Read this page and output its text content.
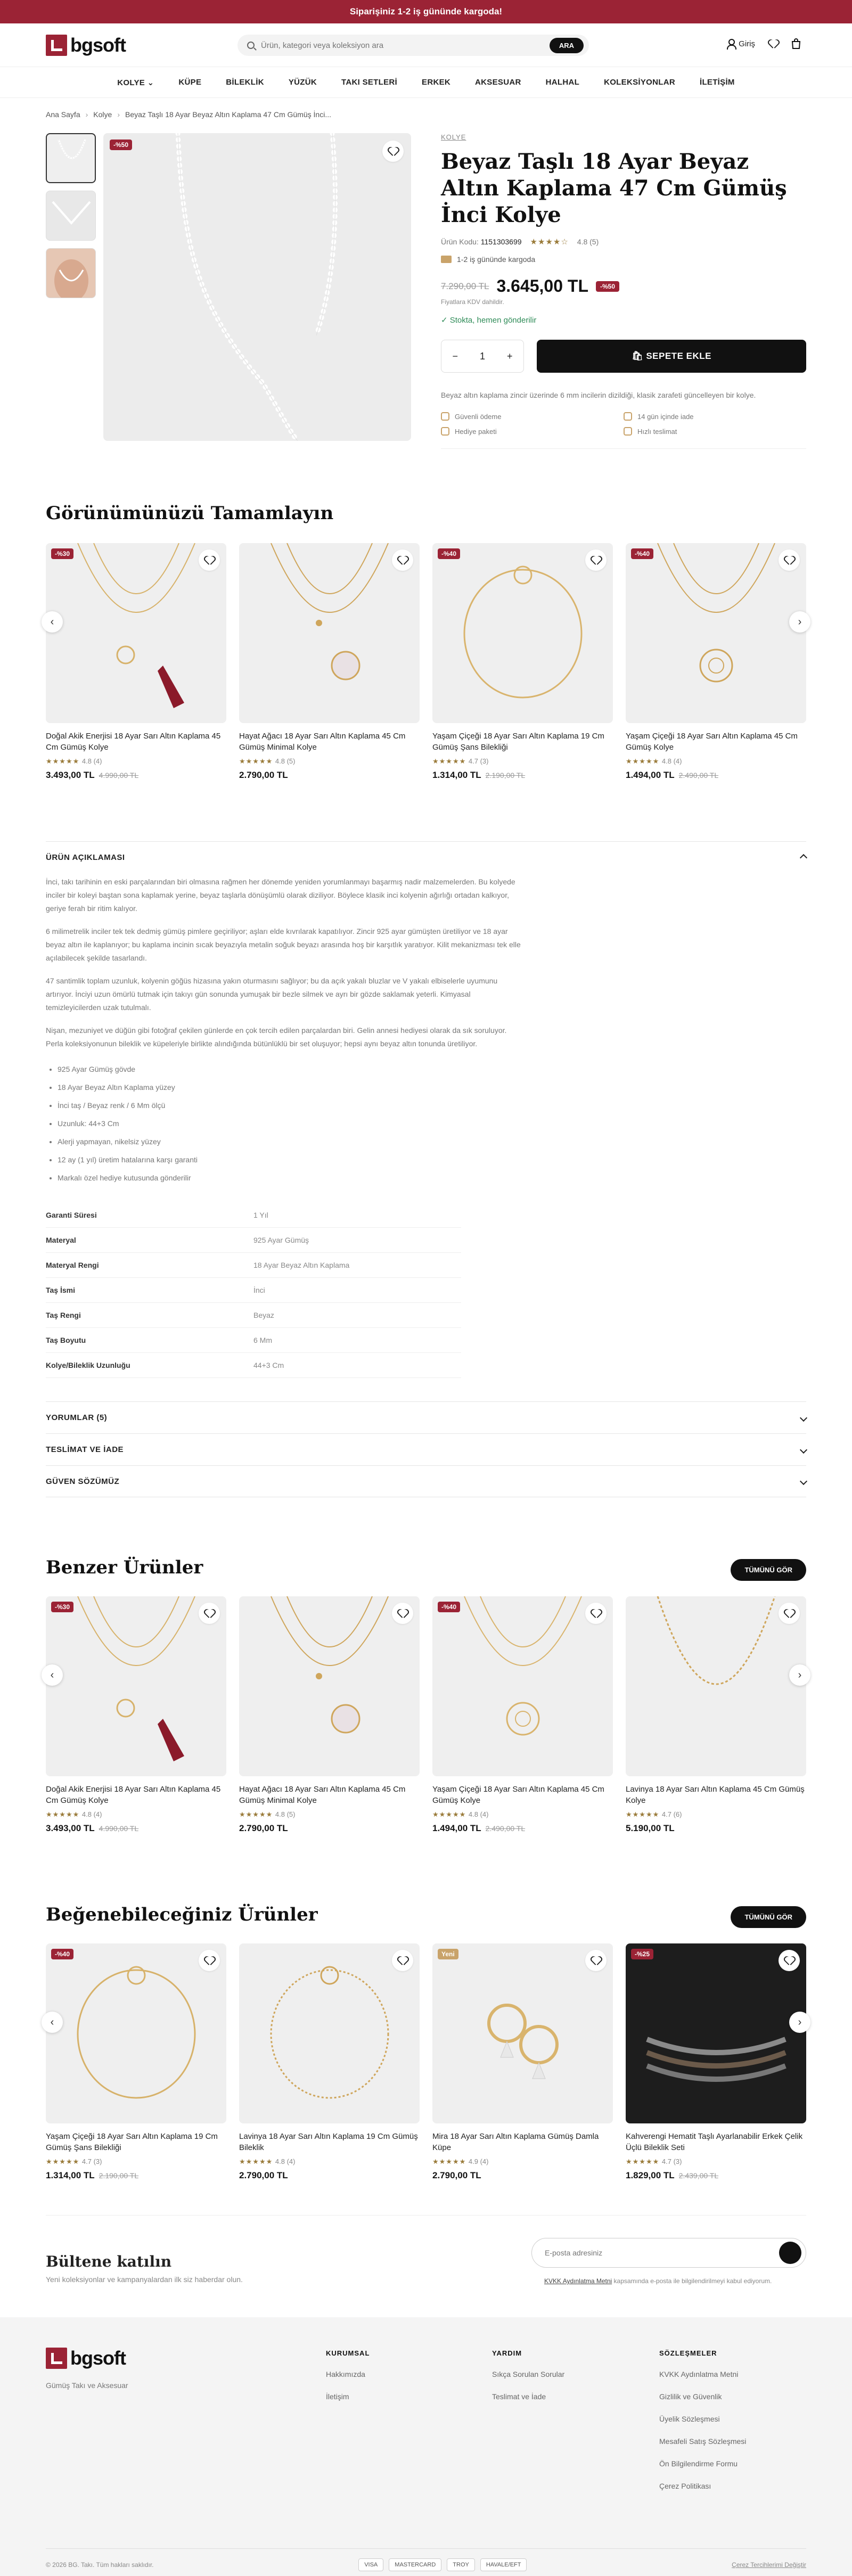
Siparişiniz 1-2 iş gününde kargoda!
bgsoft
Ürün, kategori veya koleksiyon ara	ARA	Giriş
KOLYE ⌄	KÜPE	BİLEKLİK	YÜZÜK	TAKI SETLERİ	ERKEK	AKSESUAR	HALHAL	KOLEKSİYONLAR	İLETİŞİM
Ana Sayfa › Kolye › Beyaz Taşlı 18 Ayar Beyaz Altın Kaplama 47 Cm Gümüş İnci...
-%50
KOLYE
Beyaz Taşlı 18 Ayar Beyaz Altın Kaplama 47 Cm Gümüş İnci Kolye
Ürün Kodu: 1151303699 ★★★★☆ 4.8 (5)
1-2 iş gününde kargoda
7.290,00 TL 3.645,00 TL	-%50
Fiyatlara KDV dahildir.
✓ Stokta, hemen gönderilir
− 1 +	🛍 SEPETE EKLE

Beyaz altın kaplama zincir üzerinde 6 mm incilerin dizildiği, klasik zarafeti güncelleyen bir kolye.

Güvenli ödeme	14 gün içinde iade
Hediye paketi	Hızlı teslimat
Görünümünüzü Tamamlayın
-%30
Doğal Akik Enerjisi 18 Ayar Sarı Altın Kaplama 45 Cm Gümüş Kolye
★★★★★ 4.8 (4)
3.493,00 TL 4.990,00 TL
Hayat Ağacı 18 Ayar Sarı Altın Kaplama 45 Cm Gümüş Minimal Kolye
★★★★★ 4.8 (5)
2.790,00 TL
-%40
Yaşam Çiçeği 18 Ayar Sarı Altın Kaplama 19 Cm Gümüş Şans Bilekliği
★★★★★ 4.7 (3)
1.314,00 TL 2.190,00 TL
-%40
Yaşam Çiçeği 18 Ayar Sarı Altın Kaplama 45 Cm Gümüş Kolye
★★★★★ 4.8 (4)
1.494,00 TL 2.490,00 TL
‹	›
ÜRÜN AÇIKLAMASI

İnci, takı tarihinin en eski parçalarından biri olmasına rağmen her dönemde yeniden yorumlanmayı başarmış nadir malzemelerden. Bu kolyede inciler bir koleyi baştan sona kaplamak yerine, beyaz taşlarla dönüşümlü olarak diziliyor. Böylece klasik inci kolyenin ağırlığı ortadan kalkıyor, geriye ferah bir ritim kalıyor.

6 milimetrelik inciler tek tek dedmiş gümüş pimlere geçiriliyor; aşları elde kıvrılarak kapatılıyor. Zincir 925 ayar gümüşten üretiliyor ve 18 ayar beyaz altın ile kaplanıyor; bu kaplama incinin sıcak beyazıyla metalin soğuk beyazı arasında hoş bir karşıtlık yaratıyor. Kilit mekanizması tek elle açılabilecek şekilde tasarlandı.

47 santimlik toplam uzunluk, kolyenin göğüs hizasına yakın oturmasını sağlıyor; bu da açık yakalı bluzlar ve V yakalı elbiselerle uyumunu artırıyor. İnciyi uzun ömürlü tutmak için takıyı gün sonunda yumuşak bir bezle silmek ve ayrı bir gözde saklamak yeterli. Kimyasal temizleyicilerden uzak tutulmalı.

Nişan, mezuniyet ve düğün gibi fotoğraf çekilen günlerde en çok tercih edilen parçalardan biri. Gelin annesi hediyesi olarak da sık soruluyor. Perla koleksiyonunun bileklik ve küpeleriyle birlikte alındığında bütünlüklü bir set oluşuyor; hepsi aynı beyaz altın tonunda üretiliyor.

• 925 Ayar Gümüş gövde
• 18 Ayar Beyaz Altın Kaplama yüzey
• İnci taş / Beyaz renk / 6 Mm ölçü
• Uzunluk: 44+3 Cm
• Alerji yapmayan, nikelsiz yüzey
• 12 ay (1 yıl) üretim hatalarına karşı garanti
• Markalı özel hediye kutusunda gönderilir
Garanti Süresi	1 Yıl
Materyal	925 Ayar Gümüş
Materyal Rengi	18 Ayar Beyaz Altın Kaplama
Taş İsmi	İnci
Taş Rengi	Beyaz
Taş Boyutu	6 Mm
Kolye/Bileklik Uzunluğu	44+3 Cm
YORUMLAR (5)
TESLİMAT VE İADE
GÜVEN SÖZÜMÜZ
Benzer Ürünler	TÜMÜNÜ GÖR
-%30
Doğal Akik Enerjisi 18 Ayar Sarı Altın Kaplama 45 Cm Gümüş Kolye
★★★★★ 4.8 (4)
3.493,00 TL 4.990,00 TL
Hayat Ağacı 18 Ayar Sarı Altın Kaplama 45 Cm Gümüş Minimal Kolye
★★★★★ 4.8 (5)
2.790,00 TL
-%40
Yaşam Çiçeği 18 Ayar Sarı Altın Kaplama 45 Cm Gümüş Kolye
★★★★★ 4.8 (4)
1.494,00 TL 2.490,00 TL
Lavinya 18 Ayar Sarı Altın Kaplama 45 Cm Gümüş Kolye
★★★★★ 4.7 (6)
5.190,00 TL
‹	›
Beğenebileceğiniz Ürünler	TÜMÜNÜ GÖR
-%40
Yaşam Çiçeği 18 Ayar Sarı Altın Kaplama 19 Cm Gümüş Şans Bilekliği
★★★★★ 4.7 (3)
1.314,00 TL 2.190,00 TL
Lavinya 18 Ayar Sarı Altın Kaplama 19 Cm Gümüş Bileklik
★★★★★ 4.8 (4)
2.790,00 TL
Yeni
Mira 18 Ayar Sarı Altın Kaplama Gümüş Damla Küpe
★★★★★ 4.9 (4)
2.790,00 TL
-%25
Kahverengi Hematit Taşlı Ayarlanabilir Erkek Çelik Üçlü Bileklik Seti
★★★★★ 4.7 (3)
1.829,00 TL 2.439,00 TL
‹	›
Bültene katılın
Yeni koleksiyonlar ve kampanyalardan ilk siz haberdar olun.
E-posta adresiniz	KVKK Aydınlatma Metni kapsamında e-posta ile bilgilendirilmeyi kabul ediyorum.
bgsoft
Gümüş Takı ve Aksesuar
KURUMSAL
Hakkımızda
İletişim
YARDIM
Sıkça Sorulan Sorular
Teslimat ve İade
SÖZLEŞMELER
KVKK Aydınlatma Metni
Gizlilik ve Güvenlik
Üyelik Sözleşmesi
Mesafeli Satış Sözleşmesi
Ön Bilgilendirme Formu
Çerez Politikası
© 2026 BG. Takı. Tüm hakları saklıdır.	VISA	MASTERCARD	TROY	HAVALE/EFT	Çerez Tercihlerimi Değiştir
